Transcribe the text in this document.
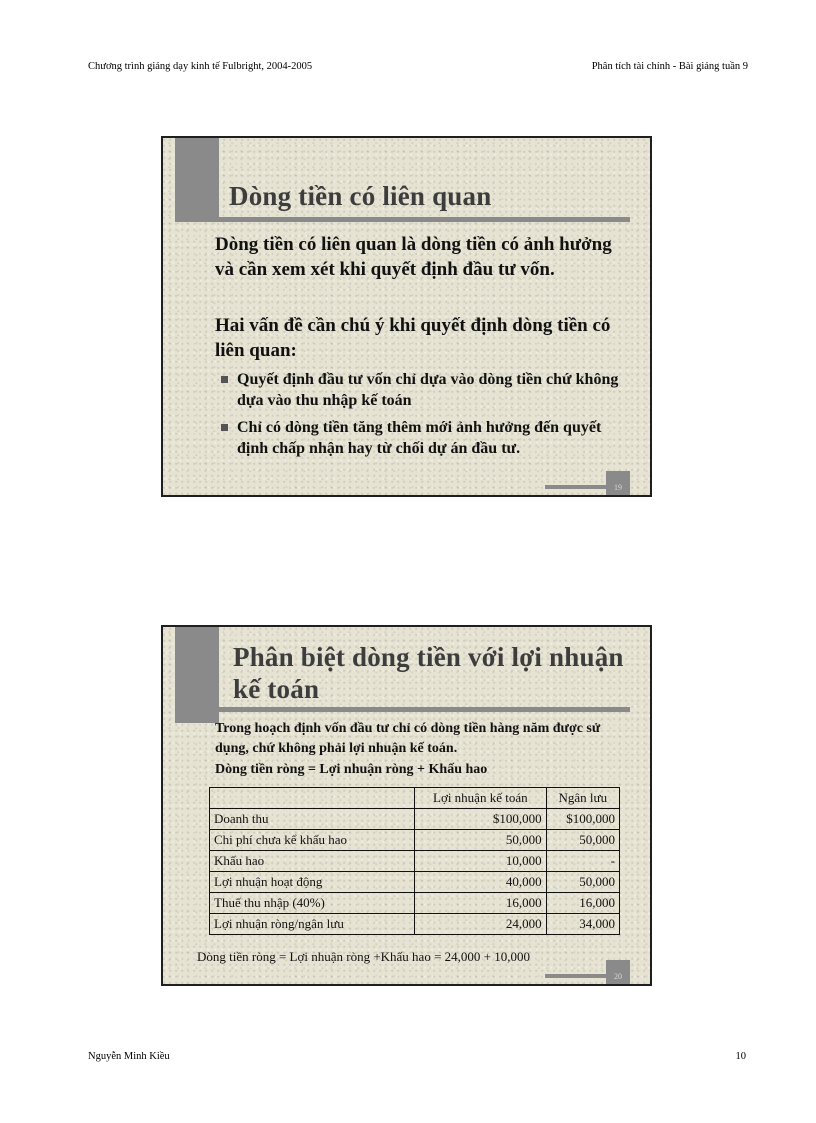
Chương trình giảng dạy kinh tế Fulbright, 2004-2005	Phân tích tài chính - Bài giảng tuần 9
Dòng tiền có liên quan
Dòng tiền có liên quan là dòng tiền có ảnh hưởng và cần xem xét khi quyết định đầu tư vốn.
Hai vấn đề cần chú ý khi quyết định dòng tiền có liên quan:
Quyết định đầu tư vốn chỉ dựa vào dòng tiền chứ không dựa vào thu nhập kế toán
Chỉ có dòng tiền tăng thêm mới ảnh hưởng đến quyết định chấp nhận hay từ chối dự án đầu tư.
19
Phân biệt dòng tiền với lợi nhuận
kế toán
Trong hoạch định vốn đầu tư chỉ có dòng tiền hàng năm được sử dụng, chứ không phải lợi nhuận kế toán.
Dòng tiền ròng = Lợi nhuận ròng + Khấu hao
	Lợi nhuận kế toán	Ngân lưu
Doanh thu	$100,000	$100,000
Chi phí chưa kể khấu hao	50,000	50,000
Khấu hao	10,000	-
Lợi nhuận hoạt động	40,000	50,000
Thuế thu nhập (40%)	16,000	16,000
Lợi nhuận ròng/ngân lưu	24,000	34,000
Dòng tiền ròng = Lợi nhuận ròng +Khấu hao = 24,000 + 10,000
20
Nguyễn Minh Kiều	10
